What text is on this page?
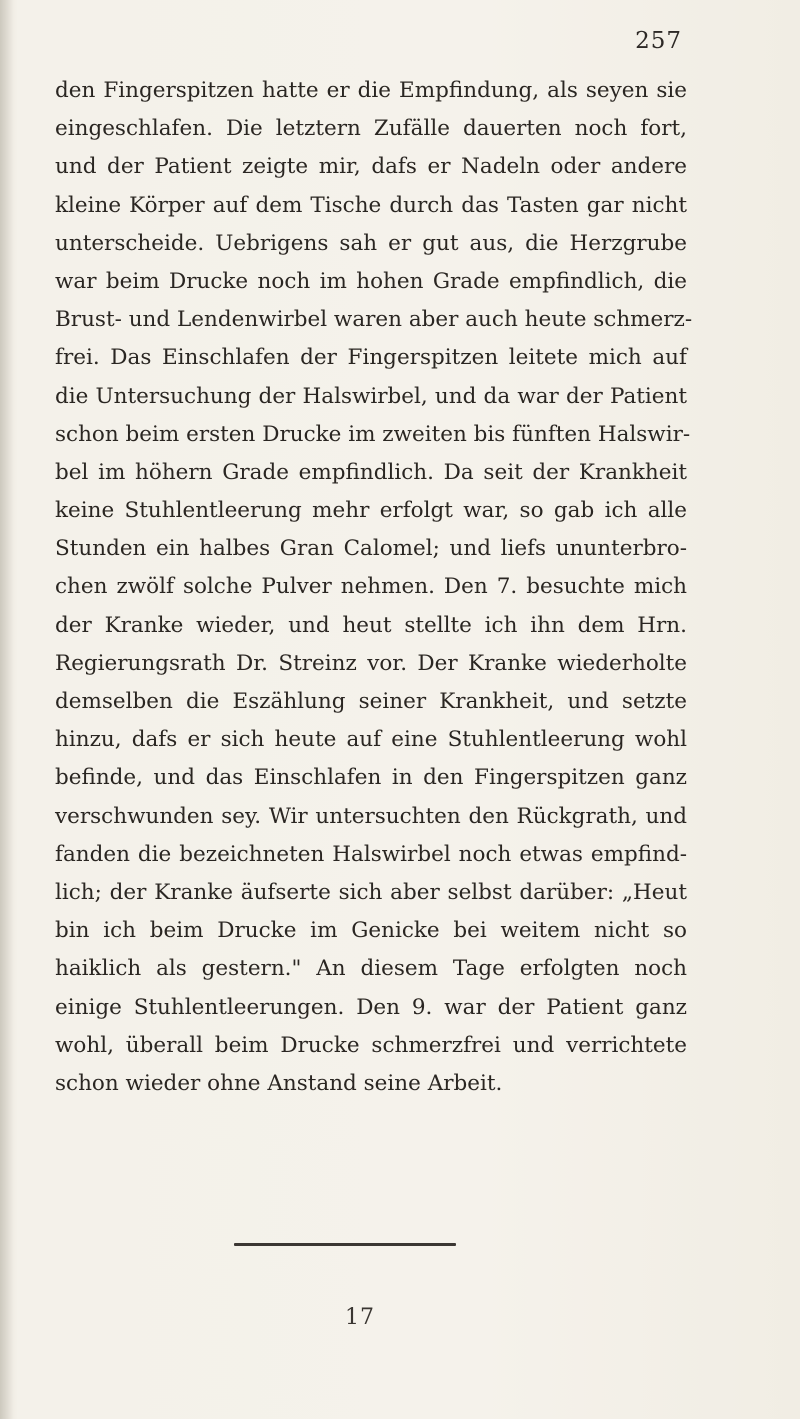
257
den Fingerspitzen hatte er die Empfindung, als seyen sie
eingeschlafen. Die letztern Zufälle dauerten noch fort,
und der Patient zeigte mir, dafs er Nadeln oder andere
kleine Körper auf dem Tische durch das Tasten gar nicht
unterscheide. Uebrigens sah er gut aus, die Herzgrube
war beim Drucke noch im hohen Grade empfindlich, die
Brust- und Lendenwirbel waren aber auch heute schmerz-
frei. Das Einschlafen der Fingerspitzen leitete mich auf
die Untersuchung der Halswirbel, und da war der Patient
schon beim ersten Drucke im zweiten bis fünften Halswir-
bel im höhern Grade empfindlich. Da seit der Krankheit
keine Stuhlentleerung mehr erfolgt war, so gab ich alle
Stunden ein halbes Gran Calomel; und liefs ununterbro-
chen zwölf solche Pulver nehmen. Den 7. besuchte mich
der Kranke wieder, und heut stellte ich ihn dem Hrn.
Regierungsrath Dr. Streinz vor. Der Kranke wiederholte
demselben die Eszählung seiner Krankheit, und setzte
hinzu, dafs er sich heute auf eine Stuhlentleerung wohl
befinde, und das Einschlafen in den Fingerspitzen ganz
verschwunden sey. Wir untersuchten den Rückgrath, und
fanden die bezeichneten Halswirbel noch etwas empfind-
lich; der Kranke äufserte sich aber selbst darüber: „Heut
bin ich beim Drucke im Genicke bei weitem nicht so
haiklich als gestern." An diesem Tage erfolgten noch
einige Stuhlentleerungen. Den 9. war der Patient ganz
wohl, überall beim Drucke schmerzfrei und verrichtete
schon wieder ohne Anstand seine Arbeit.
17
